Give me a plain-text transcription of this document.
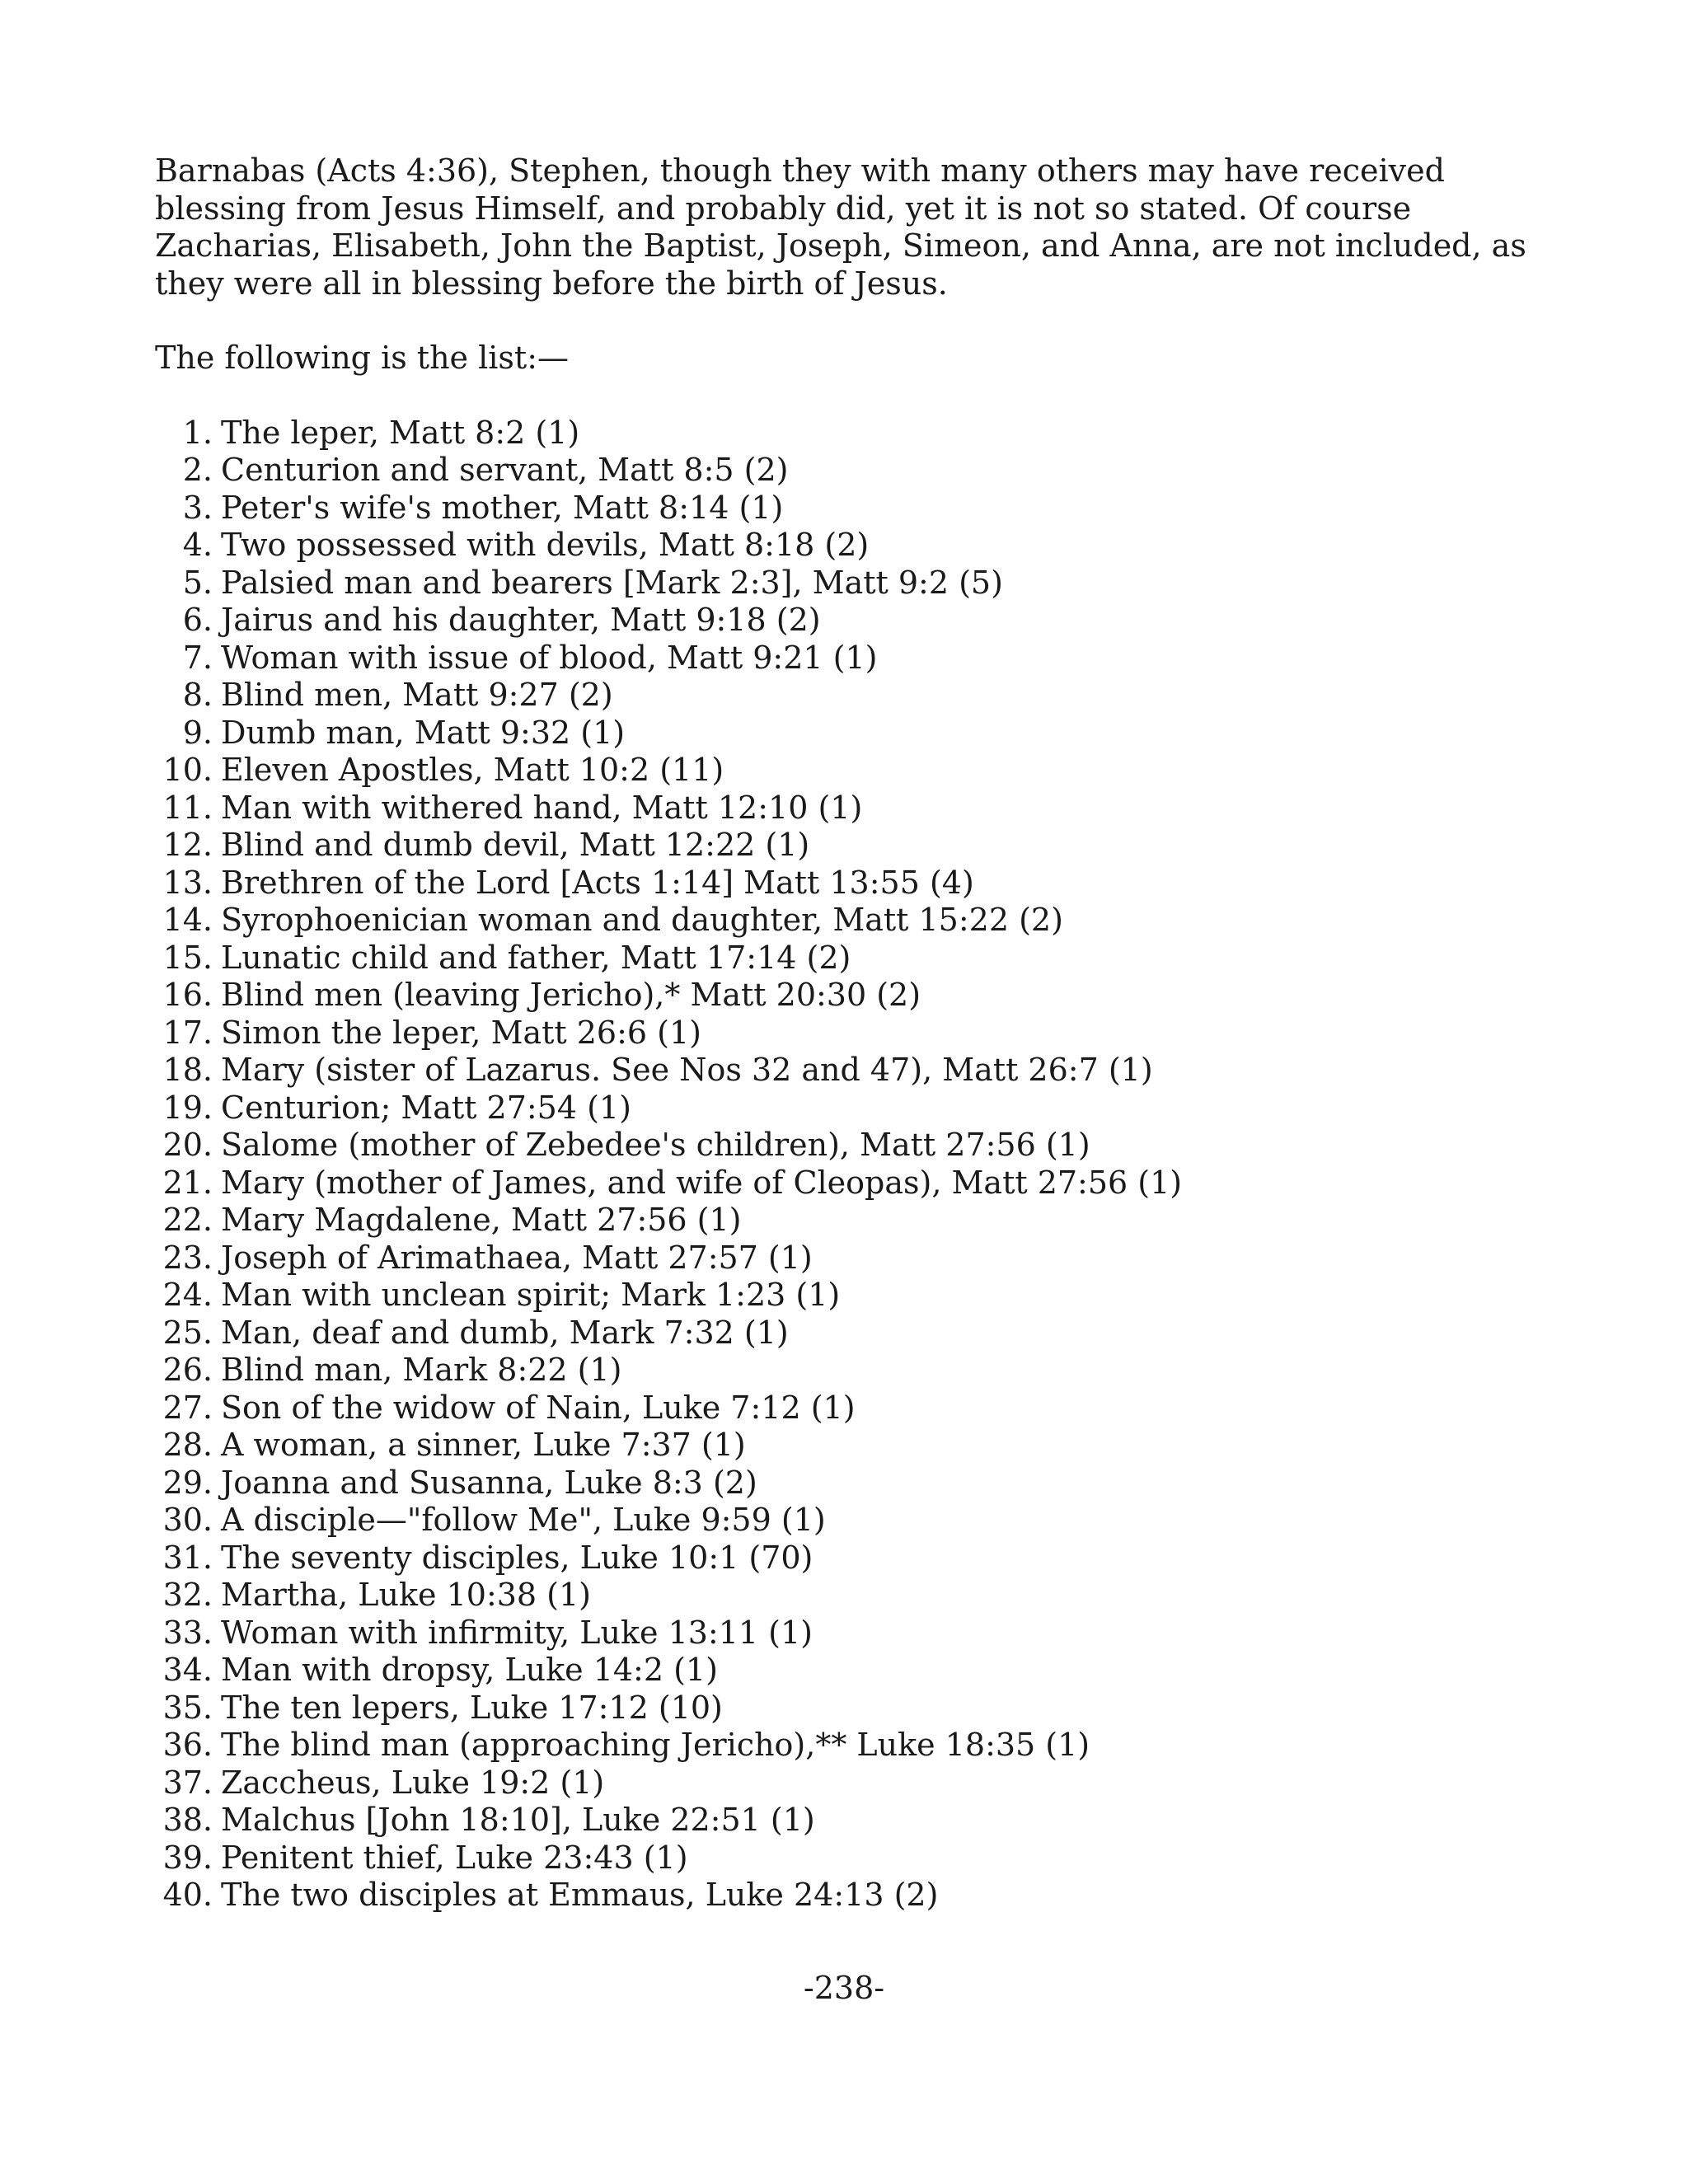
Barnabas (Acts 4:36), Stephen, though they with many others may have received blessing from Jesus Himself, and probably did, yet it is not so stated. Of course Zacharias, Elisabeth, John the Baptist, Joseph, Simeon, and Anna, are not included, as they were all in blessing before the birth of Jesus.

The following is the list:—

1. The leper, Matt 8:2 (1)
2. Centurion and servant, Matt 8:5 (2)
3. Peter's wife's mother, Matt 8:14 (1)
4. Two possessed with devils, Matt 8:18 (2)
5. Palsied man and bearers [Mark 2:3], Matt 9:2 (5)
6. Jairus and his daughter, Matt 9:18 (2)
7. Woman with issue of blood, Matt 9:21 (1)
8. Blind men, Matt 9:27 (2)
9. Dumb man, Matt 9:32 (1)
10. Eleven Apostles, Matt 10:2 (11)
11. Man with withered hand, Matt 12:10 (1)
12. Blind and dumb devil, Matt 12:22 (1)
13. Brethren of the Lord [Acts 1:14] Matt 13:55 (4)
14. Syrophoenician woman and daughter, Matt 15:22 (2)
15. Lunatic child and father, Matt 17:14 (2)
16. Blind men (leaving Jericho),* Matt 20:30 (2)
17. Simon the leper, Matt 26:6 (1)
18. Mary (sister of Lazarus. See Nos 32 and 47), Matt 26:7 (1)
19. Centurion; Matt 27:54 (1)
20. Salome (mother of Zebedee's children), Matt 27:56 (1)
21. Mary (mother of James, and wife of Cleopas), Matt 27:56 (1)
22. Mary Magdalene, Matt 27:56 (1)
23. Joseph of Arimathaea, Matt 27:57 (1)
24. Man with unclean spirit; Mark 1:23 (1)
25. Man, deaf and dumb, Mark 7:32 (1)
26. Blind man, Mark 8:22 (1)
27. Son of the widow of Nain, Luke 7:12 (1)
28. A woman, a sinner, Luke 7:37 (1)
29. Joanna and Susanna, Luke 8:3 (2)
30. A disciple—"follow Me", Luke 9:59 (1)
31. The seventy disciples, Luke 10:1 (70)
32. Martha, Luke 10:38 (1)
33. Woman with infirmity, Luke 13:11 (1)
34. Man with dropsy, Luke 14:2 (1)
35. The ten lepers, Luke 17:12 (10)
36. The blind man (approaching Jericho),** Luke 18:35 (1)
37. Zaccheus, Luke 19:2 (1)
38. Malchus [John 18:10], Luke 22:51 (1)
39. Penitent thief, Luke 23:43 (1)
40. The two disciples at Emmaus, Luke 24:13 (2)
-238-
